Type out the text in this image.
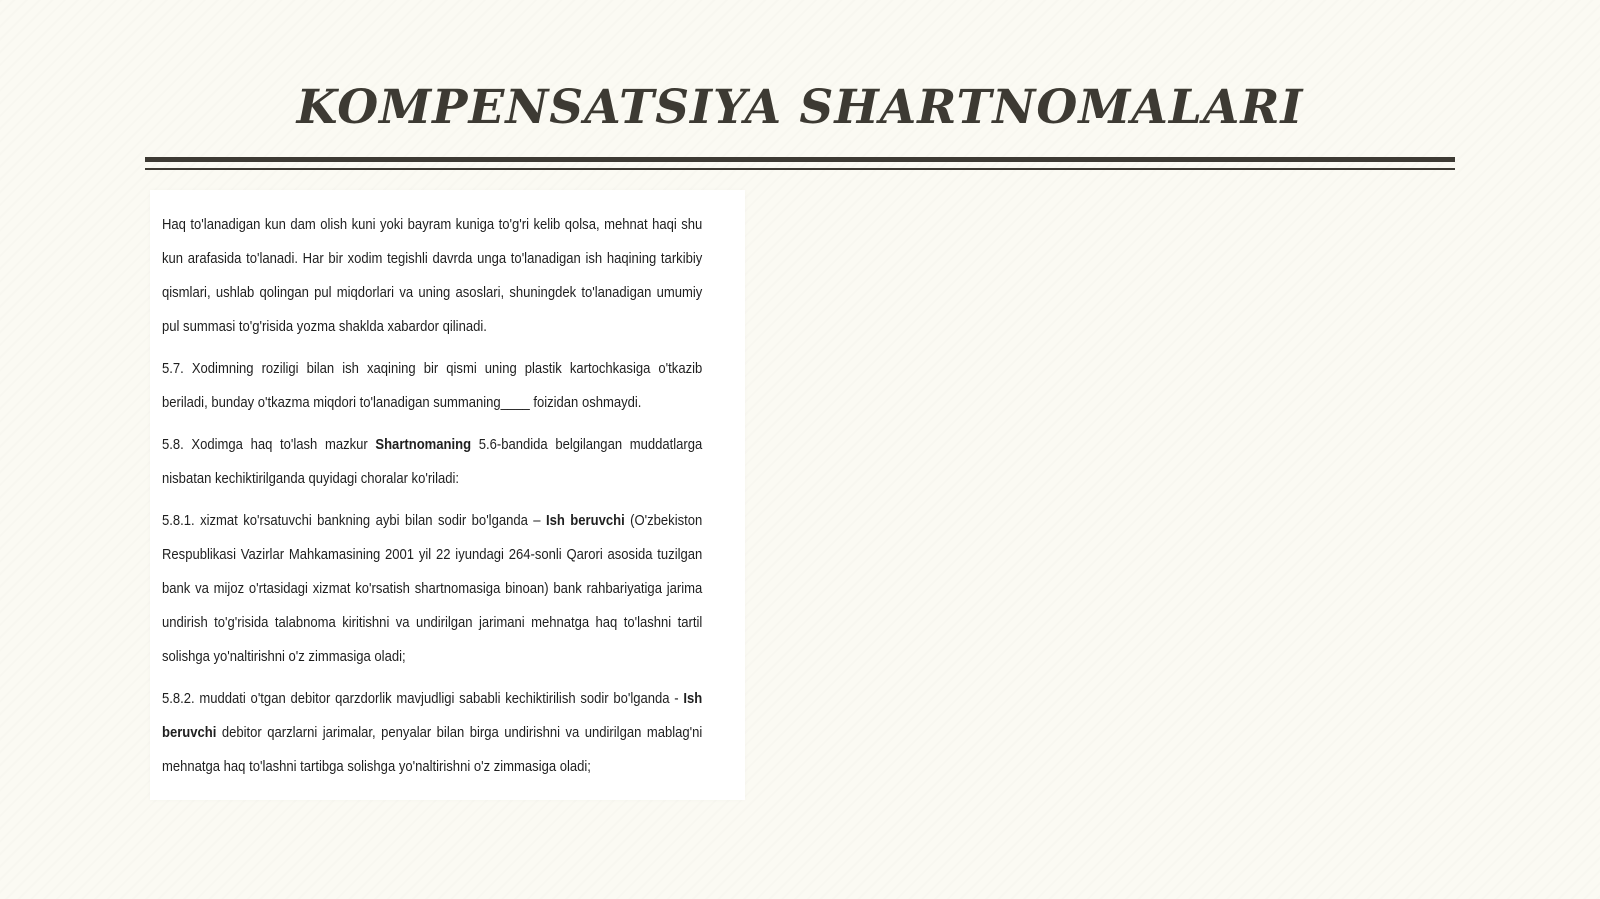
KOMPENSATSIYA SHARTNOMALARI

Haq to'lanadigan kun dam olish kuni yoki bayram kuniga to'g'ri kelib qolsa, mehnat haqi shu kun arafasida to'lanadi. Har bir xodim tegishli davrda unga to'lanadigan ish haqining tarkibiy qismlari, ushlab qolingan pul miqdorlari va uning asoslari, shuningdek to'lanadigan umumiy pul summasi to'g'risida yozma shaklda xabardor qilinadi.

5.7. Xodimning roziligi bilan ish xaqining bir qismi uning plastik kartochkasiga o'tkazib beriladi, bunday o'tkazma miqdori to'lanadigan summaning____ foizidan oshmaydi.

5.8. Xodimga haq to'lash mazkur Shartnomaning 5.6-bandida belgilangan muddatlarga nisbatan kechiktirilganda quyidagi choralar ko'riladi:

5.8.1. xizmat ko'rsatuvchi bankning aybi bilan sodir bo'lganda – Ish beruvchi (O'zbekiston Respublikasi Vazirlar Mahkamasining 2001 yil 22 iyundagi 264-sonli Qarori asosida tuzilgan bank va mijoz o'rtasidagi xizmat ko'rsatish shartnomasiga binoan) bank rahbariyatiga jarima undirish to'g'risida talabnoma kiritishni va undirilgan jarimani mehnatga haq to'lashni tartil solishga yo'naltirishni o'z zimmasiga oladi;

5.8.2. muddati o'tgan debitor qarzdorlik mavjudligi sababli kechiktirilish sodir bo'lganda - Ish beruvchi debitor qarzlarni jarimalar, penyalar bilan birga undirishni va undirilgan mablag'ni mehnatga haq to'lashni tartibga solishga yo'naltirishni o'z zimmasiga oladi;
